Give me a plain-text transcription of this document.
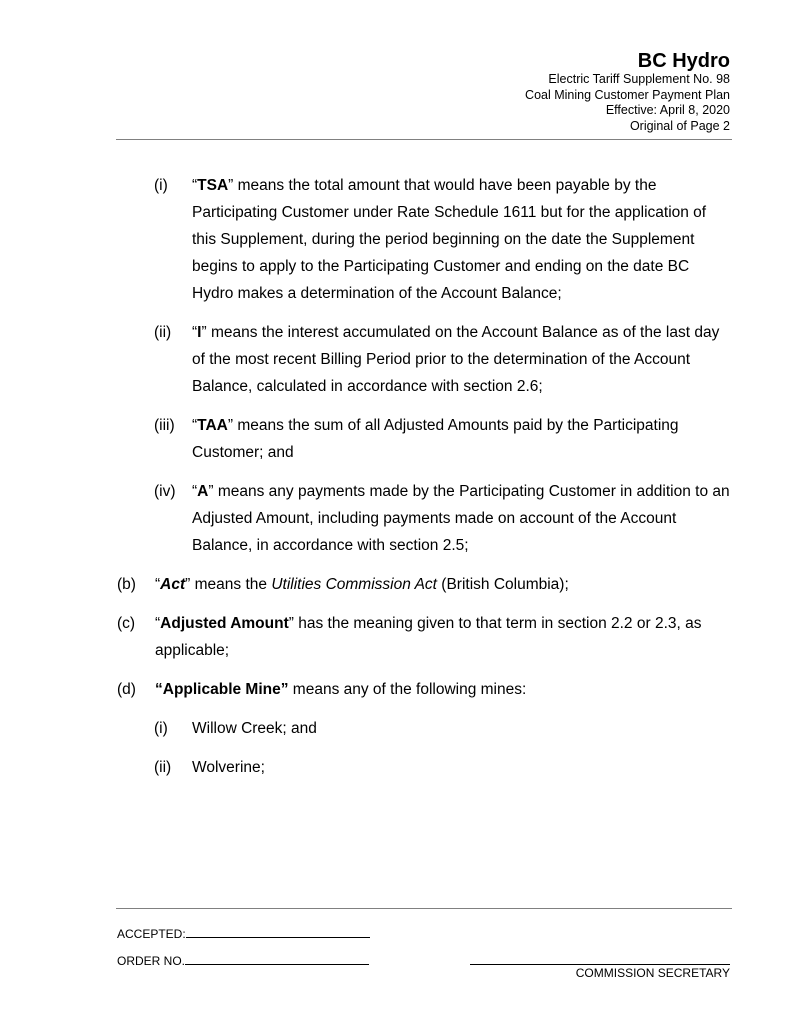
BC Hydro
Electric Tariff Supplement No. 98
Coal Mining Customer Payment Plan
Effective: April 8, 2020
Original of Page 2
(i) “TSA” means the total amount that would have been payable by the Participating Customer under Rate Schedule 1611 but for the application of this Supplement, during the period beginning on the date the Supplement begins to apply to the Participating Customer and ending on the date BC Hydro makes a determination of the Account Balance;
(ii) “I” means the interest accumulated on the Account Balance as of the last day of the most recent Billing Period prior to the determination of the Account Balance, calculated in accordance with section 2.6;
(iii) “TAA” means the sum of all Adjusted Amounts paid by the Participating Customer; and
(iv) “A” means any payments made by the Participating Customer in addition to an Adjusted Amount, including payments made on account of the Account Balance, in accordance with section 2.5;
(b) “Act” means the Utilities Commission Act (British Columbia);
(c) “Adjusted Amount” has the meaning given to that term in section 2.2 or 2.3, as applicable;
(d) “Applicable Mine” means any of the following mines:
(i) Willow Creek; and
(ii) Wolverine;
ACCEPTED:
ORDER NO.
COMMISSION SECRETARY
